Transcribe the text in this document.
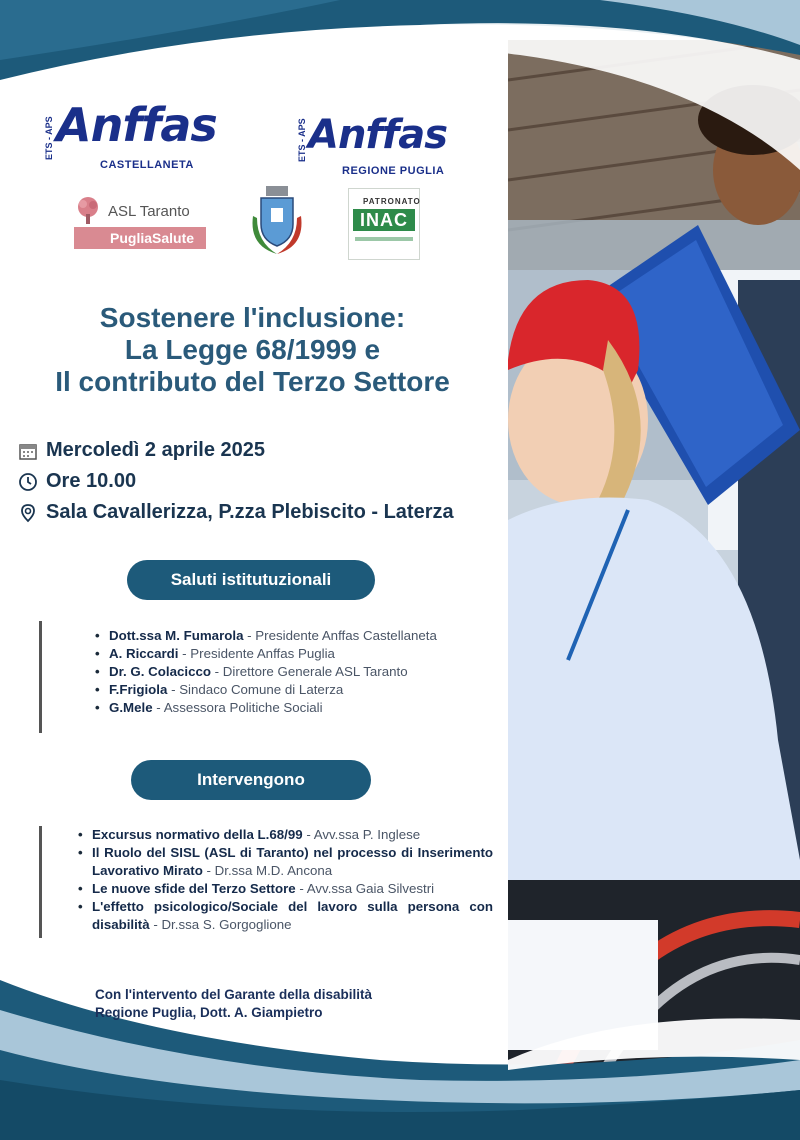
ETS - APS Anffas
CASTELLANETA
ETS - APS Anffas
REGIONE PUGLIA
ASL Taranto
PugliaSalute
PATRONATO
INAC
Sostenere l'inclusione:
La Legge 68/1999 e
Il contributo del Terzo Settore
Mercoledì 2 aprile 2025
Ore 10.00
Sala Cavallerizza, P.zza Plebiscito - Laterza
Saluti istitutuzionali
• Dott.ssa M. Fumarola - Presidente Anffas Castellaneta
• A. Riccardi - Presidente Anffas Puglia
• Dr. G. Colacicco - Direttore Generale ASL Taranto
• F.Frigiola - Sindaco Comune di Laterza
• G.Mele - Assessora Politiche Sociali
Intervengono
• Excursus normativo della L.68/99 - Avv.ssa P. Inglese
• Il Ruolo del SISL (ASL di Taranto) nel processo di Inserimento Lavorativo Mirato - Dr.ssa M.D. Ancona
• Le nuove sfide del Terzo Settore - Avv.ssa Gaia Silvestri
• L'effetto psicologico/Sociale del lavoro sulla persona con disabilità - Dr.ssa S. Gorgoglione
Con l'intervento del Garante della disabilità
Regione Puglia, Dott. A. Giampietro
